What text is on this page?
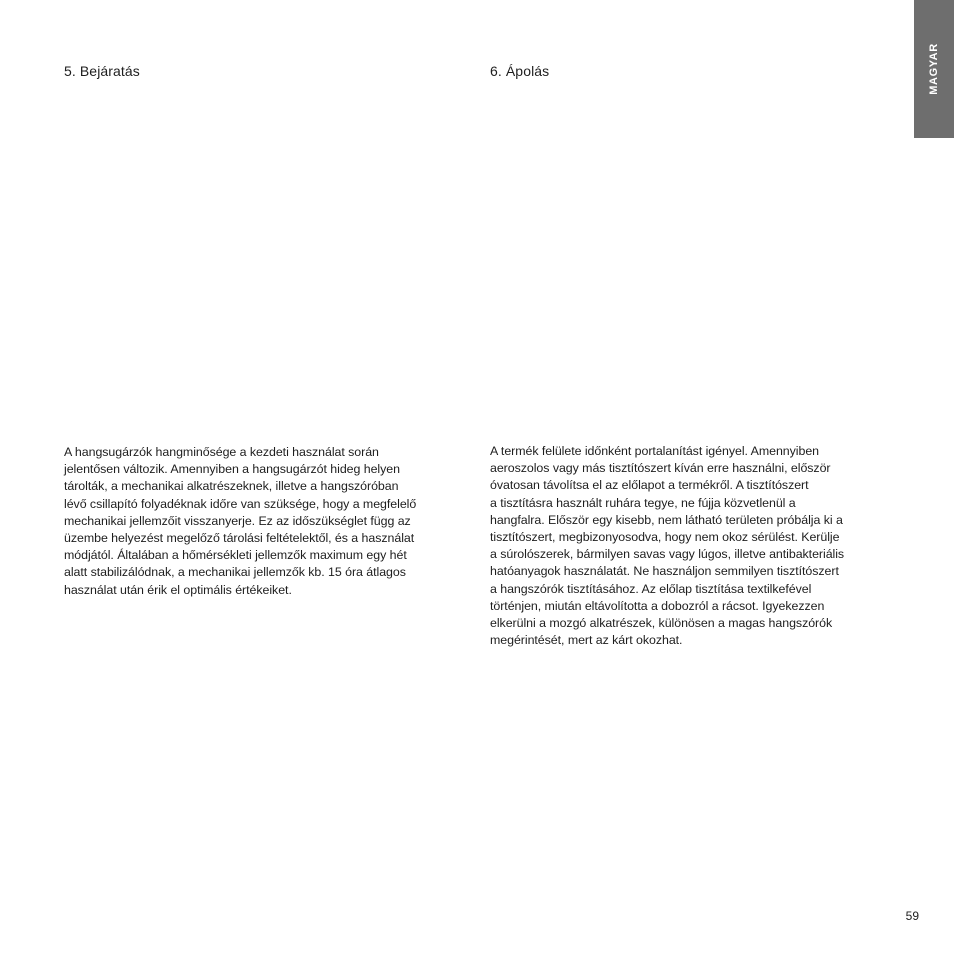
MAGYAR
5. Bejáratás	6. Ápolás

A hangsugárzók hangminősége a kezdeti használat során
jelentősen változik. Amennyiben a hangsugárzót hideg helyen
tárolták, a mechanikai alkatrészeknek, illetve a hangszóróban
lévő csillapító folyadéknak időre van szüksége, hogy a megfelelő
mechanikai jellemzőit visszanyerje. Ez az időszükséglet függ az
üzembe helyezést megelőző tárolási feltételektől, és a használat
módjától. Általában a hőmérsékleti jellemzők maximum egy hét
alatt stabilizálódnak, a mechanikai jellemzők kb. 15 óra átlagos
használat után érik el optimális értékeiket.

A termék felülete időnként portalanítást igényel. Amennyiben
aeroszolos vagy más tisztítószert kíván erre használni, először
óvatosan távolítsa el az előlapot a termékről. A tisztítószert
a tisztításra használt ruhára tegye, ne fújja közvetlenül a
hangfalra. Először egy kisebb, nem látható területen próbálja ki a
tisztítószert, megbizonyosodva, hogy nem okoz sérülést. Kerülje
a súrolószerek, bármilyen savas vagy lúgos, illetve antibakteriális
hatóanyagok használatát. Ne használjon semmilyen tisztítószert
a hangszórók tisztításához. Az előlap tisztítása textilkefével
történjen, miután eltávolította a dobozról a rácsot. Igyekezzen
elkerülni a mozgó alkatrészek, különösen a magas hangszórók
megérintését, mert az kárt okozhat.

59
